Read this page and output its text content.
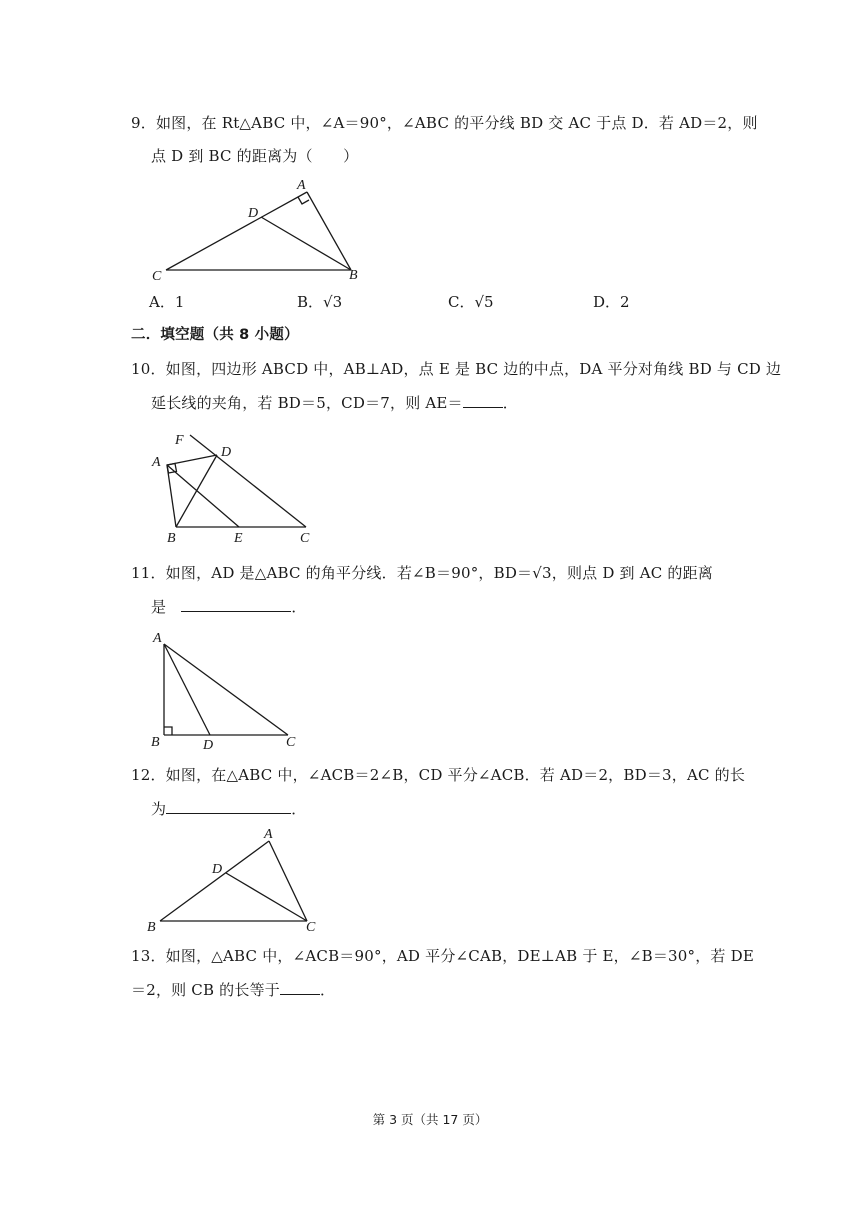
9．如图，在 Rt△ABC 中，∠A＝90°，∠ABC 的平分线 BD 交 AC 于点 D．若 AD＝2，则
点 D 到 BC 的距离为（　　）
A
D
C	B
A．1	B．√3	C．√5	D．2
二．填空题（共 8 小题）
10．如图，四边形 ABCD 中，AB⊥AD，点 E 是 BC 边的中点，DA 平分对角线 BD 与 CD 边
延长线的夹角，若 BD＝5，CD＝7，则 AE＝	．
F
D
A
B	E	C
11．如图，AD 是△ABC 的角平分线．若∠B＝90°，BD＝√3，则点 D 到 AC 的距离
是 	．
A
B	D	C
12．如图，在△ABC 中，∠ACB＝2∠B，CD 平分∠ACB．若 AD＝2，BD＝3，AC 的长
为	．
A
D
B	C
13．如图，△ABC 中，∠ACB＝90°，AD 平分∠CAB，DE⊥AB 于 E，∠B＝30°，若 DE
＝2，则 CB 的长等于	．
第 3 页（共 17 页）
